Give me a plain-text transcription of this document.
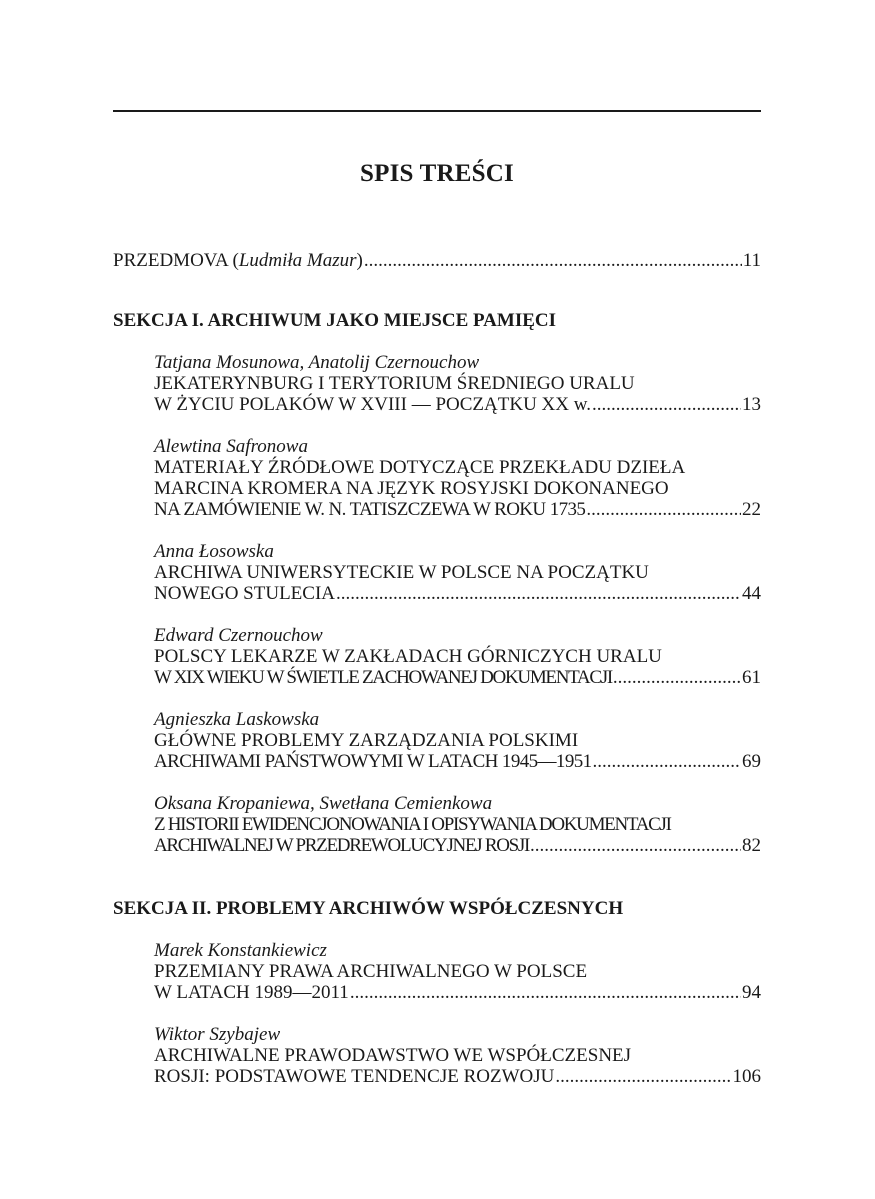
SPIS TREŚCI
PRZEDMOVA (Ludmiła Mazur) .....	11
SEKCJA I. ARCHIWUM JAKO MIEJSCE PAMIĘCI
Tatjana Mosunowa, Anatolij Czernouchow
JEKATERYNBURG I TERYTORIUM ŚREDNIEGO URALU
W ŻYCIU POLAKÓW W XVIII — POCZĄTKU XX w. .....	13
Alewtina Safronowa
MATERIAŁY ŹRÓDŁOWE DOTYCZĄCE PRZEKŁADU DZIEŁA
MARCINA KROMERA NA JĘZYK ROSYJSKI DOKONANEGO
NA ZAMÓWIENIE W. N. TATISZCZEWA W ROKU 1735 .....	22
Anna Łosowska
ARCHIWA UNIWERSYTECKIE W POLSCE NA POCZĄTKU
NOWEGO STULECIA .....	44
Edward Czernouchow
POLSCY LEKARZE W ZAKŁADACH GÓRNICZYCH URALU
W XIX WIEKU W ŚWIETLE ZACHOWANEJ DOKUMENTACJI .....	61
Agnieszka Laskowska
GŁÓWNE PROBLEMY ZARZĄDZANIA POLSKIMI
ARCHIWAMI PAŃSTWOWYMI W LATACH 1945—1951 .....	69
Oksana Kropaniewa, Swetłana Cemienkowa
Z HISTORII EWIDENCJONOWANIA I OPISYWANIA DOKUMENTACJI
ARCHIWALNEJ W PRZEDREWOLUCYJNEJ ROSJI .....	82
SEKCJA II. PROBLEMY ARCHIWÓW WSPÓŁCZESNYCH
Marek Konstankiewicz
PRZEMIANY PRAWA ARCHIWALNEGO W POLSCE
W LATACH 1989—2011 .....	94
Wiktor Szybajew
ARCHIWALNE PRAWODAWSTWO WE WSPÓŁCZESNEJ
ROSJI: PODSTAWOWE TENDENCJE ROZWOJU .....	106
